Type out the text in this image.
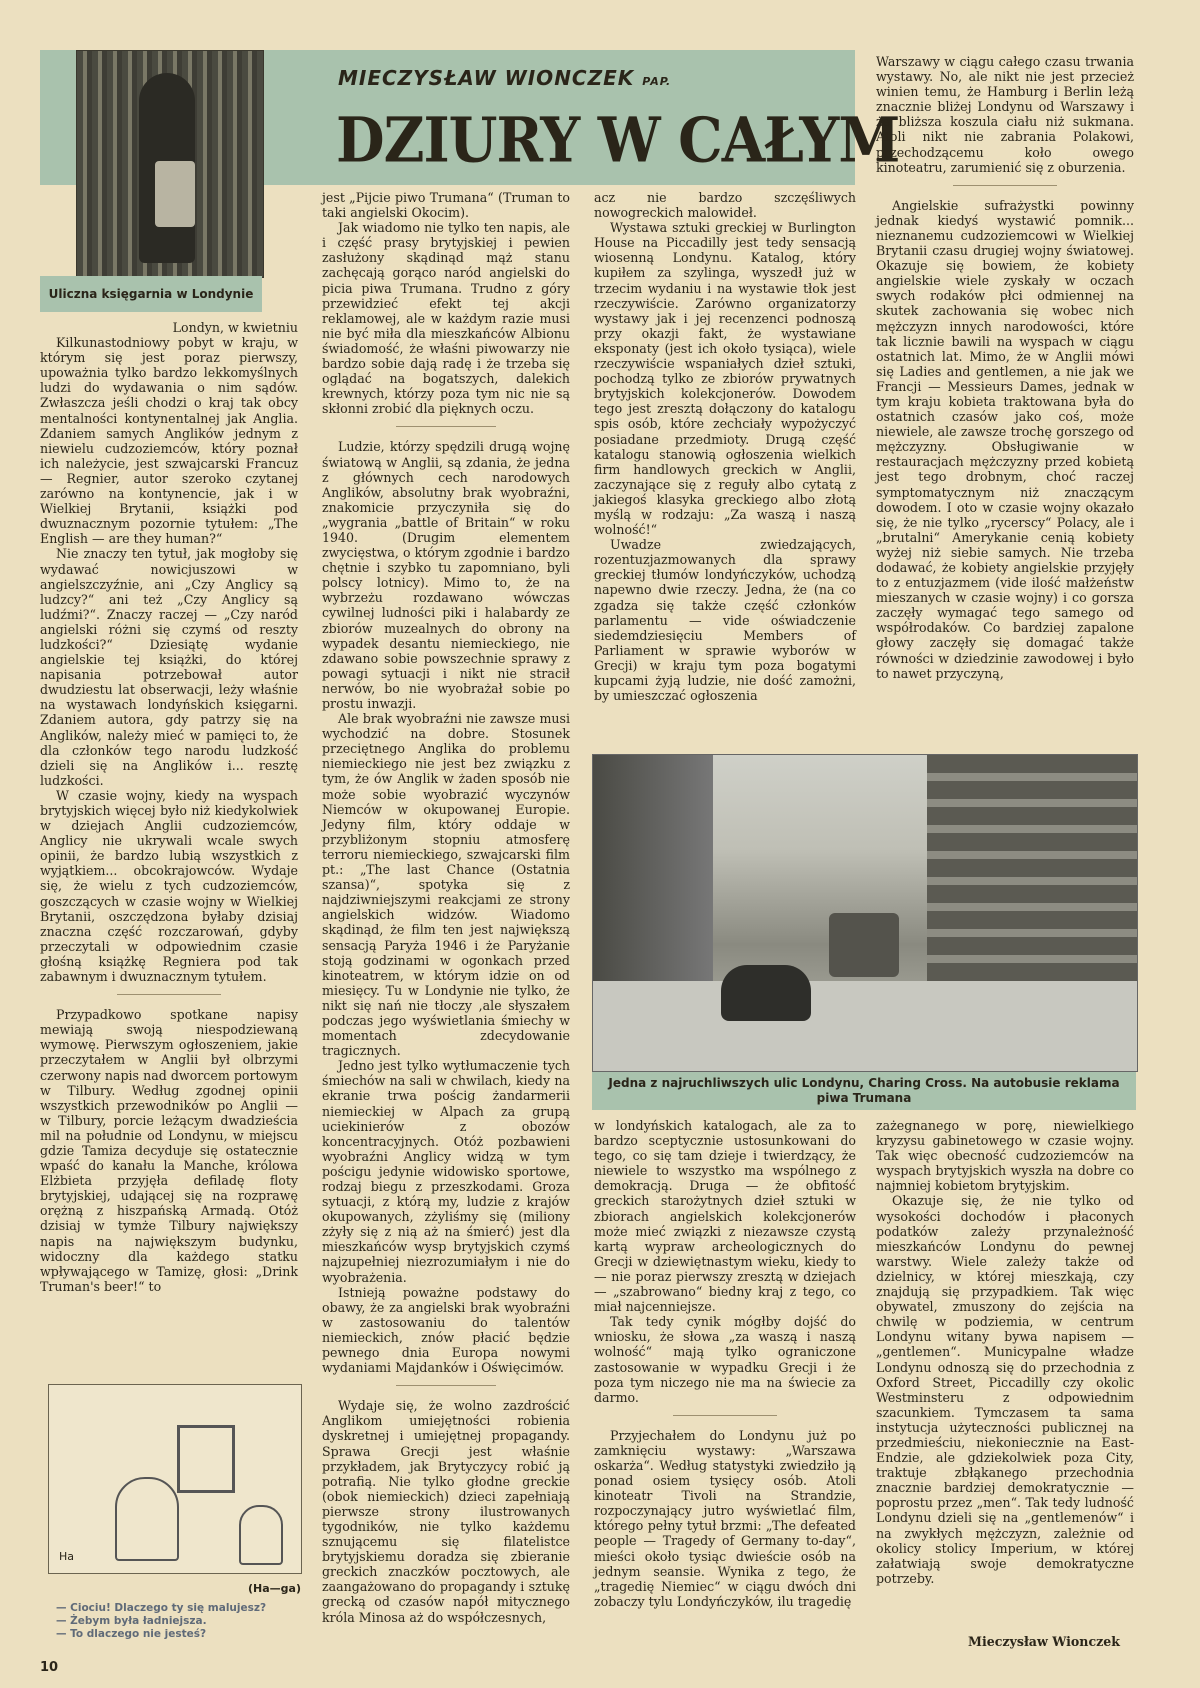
Uliczna księgarnia w Londynie
MIECZYSŁAW WIONCZEK PAP.
DZIURY W CAŁYM

Londyn, w kwietniu

Kilkunastodniowy pobyt w kraju, w którym się jest poraz pierwszy, upoważnia tylko bardzo lekkomyślnych ludzi do wydawania o nim sądów. Zwłaszcza jeśli chodzi o kraj tak obcy mentalności kontynentalnej jak Anglia. Zdaniem samych Anglików jednym z niewielu cudzoziemców, który poznał ich należycie, jest szwajcarski Francuz — Regnier, autor szeroko czytanej zarówno na kontynencie, jak i w Wielkiej Brytanii, książki pod dwuznacznym pozornie tytułem: „The English — are they human?“

Nie znaczy ten tytuł, jak mogłoby się wydawać nowicjuszowi w angielszczyźnie, ani „Czy Anglicy są ludzcy?“ ani też „Czy Anglicy są ludźmi?“. Znaczy raczej — „Czy naród angielski różni się czymś od reszty ludzkości?“ Dziesiątę wydanie angielskie tej książki, do której napisania potrzebował autor dwudziestu lat obserwacji, leży właśnie na wystawach londyńskich księgarni. Zdaniem autora, gdy patrzy się na Anglików, należy mieć w pamięci to, że dla członków tego narodu ludzkość dzieli się na Anglików i... resztę ludzkości.

W czasie wojny, kiedy na wyspach brytyjskich więcej było niż kiedykolwiek w dziejach Anglii cudzoziemców, Anglicy nie ukrywali wcale swych opinii, że bardzo lubią wszystkich z wyjątkiem... obcokrajowców. Wydaje się, że wielu z tych cudzoziemców, goszczących w czasie wojny w Wielkiej Brytanii, oszczędzona byłaby dzisiaj znaczna część rozczarowań, gdyby przeczytali w odpowiednim czasie głośną książkę Regniera pod tak zabawnym i dwuznacznym tytułem.

Przypadkowo spotkane napisy mewiają swoją niespodziewaną wymowę. Pierwszym ogłoszeniem, jakie przeczytałem w Anglii był olbrzymi czerwony napis nad dworcem portowym w Tilbury. Według zgodnej opinii wszystkich przewodników po Anglii — w Tilbury, porcie leżącym dwadzieścia mil na południe od Londynu, w miejscu gdzie Tamiza decyduje się ostatecznie wpaść do kanału la Manche, królowa Elżbieta przyjęła defiladę floty brytyjskiej, udającej się na rozprawę orężną z hiszpańską Armadą. Otóż dzisiaj w tymże Tilbury największy napis na największym budynku, widoczny dla każdego statku wpływającego w Tamizę, głosi: „Drink Truman's beer!“ to

jest „Pijcie piwo Trumana“ (Truman to taki angielski Okocim).

Jak wiadomo nie tylko ten napis, ale i część prasy brytyjskiej i pewien zasłużony skądinąd mąż stanu zachęcają gorąco naród angielski do picia piwa Trumana. Trudno z góry przewidzieć efekt tej akcji reklamowej, ale w każdym razie musi nie być miła dla mieszkańców Albionu świadomość, że właśni piwowarzy nie bardzo sobie dają radę i że trzeba się oglądać na bogatszych, dalekich krewnych, którzy poza tym nic nie są skłonni zrobić dla pięknych oczu.

Ludzie, którzy spędzili drugą wojnę światową w Anglii, są zdania, że jedna z głównych cech narodowych Anglików, absolutny brak wyobraźni, znakomicie przyczyniła się do „wygrania „battle of Britain“ w roku 1940. (Drugim elementem zwycięstwa, o którym zgodnie i bardzo chętnie i szybko tu zapomniano, byli polscy lotnicy). Mimo to, że na wybrzeżu rozdawano wówczas cywilnej ludności piki i halabardy ze zbiorów muzealnych do obrony na wypadek desantu niemieckiego, nie zdawano sobie powszechnie sprawy z powagi sytuacji i nikt nie stracił nerwów, bo nie wyobrażał sobie po prostu inwazji.

Ale brak wyobraźni nie zawsze musi wychodzić na dobre. Stosunek przeciętnego Anglika do problemu niemieckiego nie jest bez związku z tym, że ów Anglik w żaden sposób nie może sobie wyobrazić wyczynów Niemców w okupowanej Europie. Jedyny film, który oddaje w przybliżonym stopniu atmosferę terroru niemieckiego, szwajcarski film pt.: „The last Chance (Ostatnia szansa)“, spotyka się z najdziwniejszymi reakcjami ze strony angielskich widzów. Wiadomo skądinąd, że film ten jest największą sensacją Paryża 1946 i że Paryżanie stoją godzinami w ogonkach przed kinoteatrem, w którym idzie on od miesięcy. Tu w Londynie nie tylko, że nikt się nań nie tłoczy ,ale słyszałem podczas jego wyświetlania śmiechy w momentach zdecydowanie tragicznych.

Jedno jest tylko wytłumaczenie tych śmiechów na sali w chwilach, kiedy na ekranie trwa pościg żandarmerii niemieckiej w Alpach za grupą uciekinierów z obozów koncentracyjnych. Otóż pozbawieni wyobraźni Anglicy widzą w tym pościgu jedynie widowisko sportowe, rodzaj biegu z przeszkodami. Groza sytuacji, z którą my, ludzie z krajów okupowanych, zżyliśmy się (miliony zżyły się z nią aż na śmierć) jest dla mieszkańców wysp brytyjskich czymś najzupełniej niezrozumiałym i nie do wyobrażenia.

Istnieją poważne podstawy do obawy, że za angielski brak wyobraźni w zastosowaniu do talentów niemieckich, znów płacić będzie pewnego dnia Europa nowymi wydaniami Majdanków i Oświęcimów.

Wydaje się, że wolno zazdrościć Anglikom umiejętności robienia dyskretnej i umiejętnej propagandy. Sprawa Grecji jest właśnie przykładem, jak Brytyczycy robić ją potrafią. Nie tylko głodne greckie (obok niemieckich) dzieci zapełniają pierwsze strony ilustrowanych tygodników, nie tylko każdemu sznującemu się filatelistce brytyjskiemu doradza się zbieranie greckich znaczków pocztowych, ale zaangażowano do propagandy i sztukę grecką od czasów napół mitycznego króla Minosa aż do współczesnych,

acz nie bardzo szczęśliwych nowogreckich malowideł.

Wystawa sztuki greckiej w Burlington House na Piccadilly jest tedy sensacją wiosenną Londynu. Katalog, który kupiłem za szylinga, wyszedł już w trzecim wydaniu i na wystawie tłok jest rzeczywiście. Zarówno organizatorzy wystawy jak i jej recenzenci podnoszą przy okazji fakt, że wystawiane eksponaty (jest ich około tysiąca), wiele rzeczywiście wspaniałych dzieł sztuki, pochodzą tylko ze zbiorów prywatnych brytyjskich kolekcjonerów. Dowodem tego jest zresztą dołączony do katalogu spis osób, które zechciały wypożyczyć posiadane przedmioty. Drugą część katalogu stanowią ogłoszenia wielkich firm handlowych greckich w Anglii, zaczynające się z reguły albo cytatą z jakiegoś klasyka greckiego albo złotą myślą w rodzaju: „Za waszą i naszą wolność!“

Uwadze zwiedzających, rozentuzjazmowanych dla sprawy greckiej tłumów londyńczyków, uchodzą napewno dwie rzeczy. Jedna, że (na co zgadza się także część członków parlamentu — vide oświadczenie siedemdziesięciu Members of Parliament w sprawie wyborów w Grecji) w kraju tym poza bogatymi kupcami żyją ludzie, nie dość zamożni, by umieszczać ogłoszenia

Warszawy w ciągu całego czasu trwania wystawy. No, ale nikt nie jest przecież winien temu, że Hamburg i Berlin leżą znacznie bliżej Londynu od Warszawy i że bliższa koszula ciału niż sukmana. Atoli nikt nie zabrania Polakowi, przechodzącemu koło owego kinoteatru, zarumienić się z oburzenia.

Angielskie sufrażystki powinny jednak kiedyś wystawić pomnik... nieznanemu cudzoziemcowi w Wielkiej Brytanii czasu drugiej wojny światowej. Okazuje się bowiem, że kobiety angielskie wiele zyskały w oczach swych rodaków płci odmiennej na skutek zachowania się wobec nich mężczyzn innych narodowości, które tak licznie bawili na wyspach w ciągu ostatnich lat. Mimo, że w Anglii mówi się Ladies and gentlemen, a nie jak we Francji — Messieurs Dames, jednak w tym kraju kobieta traktowana była do ostatnich czasów jako coś, może niewiele, ale zawsze trochę gorszego od mężczyzny. Obsługiwanie w restauracjach mężczyzny przed kobietą jest tego drobnym, choć raczej symptomatycznym niż znaczącym dowodem. I oto w czasie wojny okazało się, że nie tylko „rycerscy“ Polacy, ale i „brutalni“ Amerykanie cenią kobiety wyżej niż siebie samych. Nie trzeba dodawać, że kobiety angielskie przyjęły to z entuzjazmem (vide ilość małżeństw mieszanych w czasie wojny) i co gorsza zaczęły wymagać tego samego od współrodaków. Co bardziej zapalone głowy zaczęły się domagać także równości w dziedzinie zawodowej i było to nawet przyczyną,

Jedna z najruchliwszych ulic Londynu, Charing Cross. Na autobusie reklama piwa Trumana

w londyńskich katalogach, ale za to bardzo sceptycznie ustosunkowani do tego, co się tam dzieje i twierdzący, że niewiele to wszystko ma wspólnego z demokracją. Druga — że obfitość greckich starożytnych dzieł sztuki w zbiorach angielskich kolekcjonerów może mieć związki z niezawsze czystą kartą wypraw archeologicznych do Grecji w dziewiętnastym wieku, kiedy to — nie poraz pierwszy zresztą w dziejach — „szabrowano“ biedny kraj z tego, co miał najcenniejsze.

Tak tedy cynik mógłby dojść do wniosku, że słowa „za waszą i naszą wolność“ mają tylko ograniczone zastosowanie w wypadku Grecji i że poza tym niczego nie ma na świecie za darmo.

Przyjechałem do Londynu już po zamknięciu wystawy: „Warszawa oskarża“. Według statystyki zwiedziło ją ponad osiem tysięcy osób. Atoli kinoteatr Tivoli na Strandzie, rozpoczynający jutro wyświetlać film, którego pełny tytuł brzmi: „The defeated people — Tragedy of Germany to-day“, mieści około tysiąc dwieście osób na jednym seansie. Wynika z tego, że „tragedię Niemiec“ w ciągu dwóch dni zobaczy tylu Londyńczyków, ilu tragedię

zażegnanego w porę, niewielkiego kryzysu gabinetowego w czasie wojny. Tak więc obecność cudzoziemców na wyspach brytyjskich wyszła na dobre co najmniej kobietom brytyjskim.

Okazuje się, że nie tylko od wysokości dochodów i płaconych podatków zależy przynależność mieszkańców Londynu do pewnej warstwy. Wiele zależy także od dzielnicy, w której mieszkają, czy znajdują się przypadkiem. Tak więc obywatel, zmuszony do zejścia na chwilę w podziemia, w centrum Londynu witany bywa napisem — „gentlemen“. Municypalne władze Londynu odnoszą się do przechodnia z Oxford Street, Piccadilly czy okolic Westminsteru z odpowiednim szacunkiem. Tymczasem ta sama instytucja użyteczności publicznej na przedmieściu, niekoniecznie na East-Endzie, ale gdziekolwiek poza City, traktuje zbłąkanego przechodnia znacznie bardziej demokratycznie — poprostu przez „men“. Tak tedy ludność Londynu dzieli się na „gentlemenów“ i na zwykłych mężczyzn, zależnie od okolicy stolicy Imperium, w której załatwiają swoje demokratyczne potrzeby.

Mieczysław Wionczek
Ha
(Ha—ga)
— Ciociu! Dlaczego ty się malujesz?
— Żebym była ładniejsza.
— To dlaczego nie jesteś?
10
